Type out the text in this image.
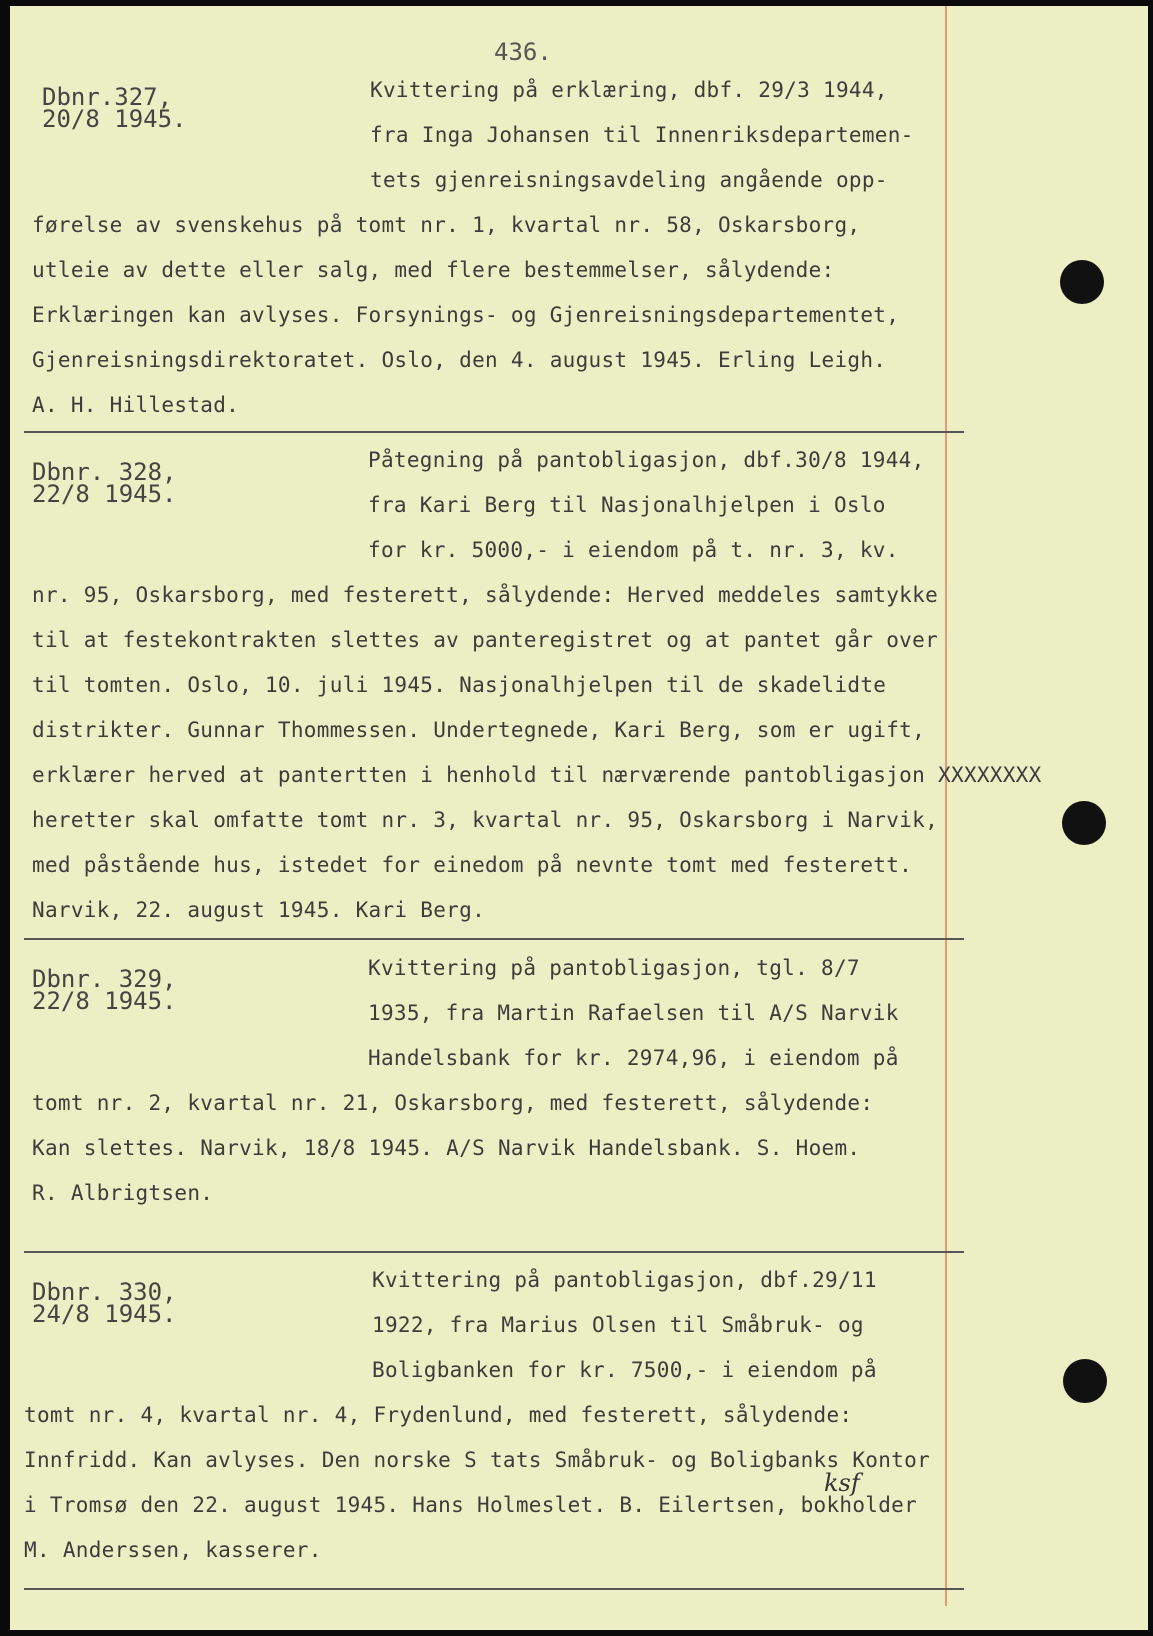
436.
Dbnr.327,
20/8 1945.
Kvittering på erklæring, dbf. 29/3 1944,
fra Inga Johansen til Innenriksdepartemen-
tets gjenreisningsavdeling angående opp-
førelse av svenskehus på tomt nr. 1, kvartal nr. 58, Oskarsborg,
utleie av dette eller salg, med flere bestemmelser, sålydende:
Erklæringen kan avlyses. Forsynings- og Gjenreisningsdepartementet,
Gjenreisningsdirektoratet. Oslo, den 4. august 1945. Erling Leigh.
A. H. Hillestad.
Dbnr. 328,
22/8 1945.
Påtegning på pantobligasjon, dbf.30/8 1944,
fra Kari Berg til Nasjonalhjelpen i Oslo
for kr. 5000,- i eiendom på t. nr. 3, kv.
nr. 95, Oskarsborg, med festerett, sålydende: Herved meddeles samtykke
til at festekontrakten slettes av panteregistret og at pantet går over
til tomten. Oslo, 10. juli 1945. Nasjonalhjelpen til de skadelidte
distrikter. Gunnar Thommessen. Undertegnede, Kari Berg, som er ugift,
erklærer herved at pantertten i henhold til nærværende pantobligasjon XXXXXXXX
heretter skal omfatte tomt nr. 3, kvartal nr. 95, Oskarsborg i Narvik,
med påstående hus, istedet for einedom på nevnte tomt med festerett.
Narvik, 22. august 1945. Kari Berg.
Dbnr. 329,
22/8 1945.
Kvittering på pantobligasjon, tgl. 8/7
1935, fra Martin Rafaelsen til A/S Narvik
Handelsbank for kr. 2974,96, i eiendom på
tomt nr. 2, kvartal nr. 21, Oskarsborg, med festerett, sålydende:
Kan slettes. Narvik, 18/8 1945. A/S Narvik Handelsbank. S. Hoem.
R. Albrigtsen.
Dbnr. 330,
24/8 1945.
Kvittering på pantobligasjon, dbf.29/11
1922, fra Marius Olsen til Småbruk- og
Boligbanken for kr. 7500,- i eiendom på
tomt nr. 4, kvartal nr. 4, Frydenlund, med festerett, sålydende:
Innfridd. Kan avlyses. Den norske S tats Småbruk- og Boligbanks Kontor
i Tromsø den 22. august 1945. Hans Holmeslet. B. Eilertsen, bokholder
M. Anderssen, kasserer.
ksf
